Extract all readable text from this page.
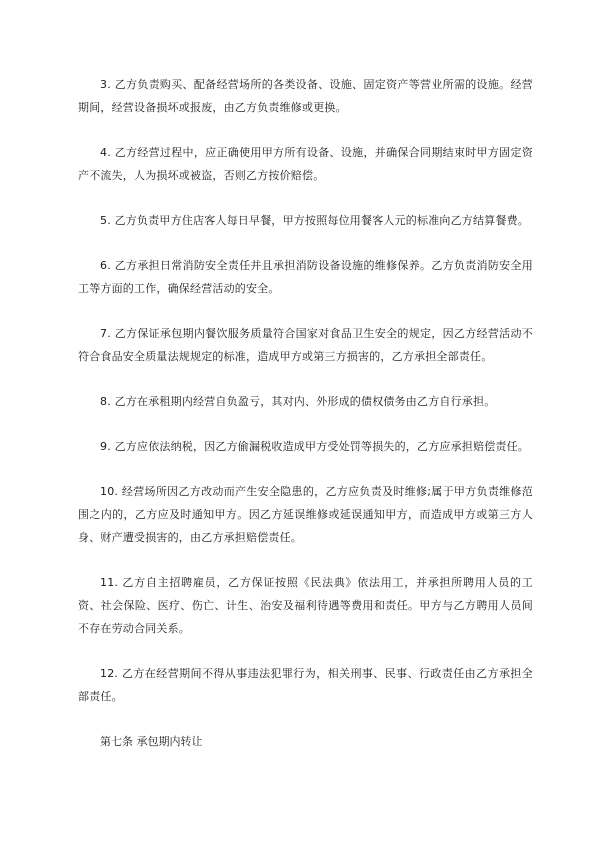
3. 乙方负责购买、配备经营场所的各类设备、设施、固定资产等营业所需的设施。经营期间，经营设备损坏或报废，由乙方负责维修或更换。

4. 乙方经营过程中，应正确使用甲方所有设备、设施，并确保合同期结束时甲方固定资产不流失，人为损坏或被盗，否则乙方按价赔偿。

5. 乙方负责甲方住店客人每日早餐，甲方按照每位用餐客人元的标准向乙方结算餐费。

6. 乙方承担日常消防安全责任并且承担消防设备设施的维修保养。乙方负责消防安全用工等方面的工作，确保经营活动的安全。

7. 乙方保证承包期内餐饮服务质量符合国家对食品卫生安全的规定，因乙方经营活动不符合食品安全质量法规规定的标准，造成甲方或第三方损害的，乙方承担全部责任。

8. 乙方在承租期内经营自负盈亏，其对内、外形成的债权债务由乙方自行承担。

9. 乙方应依法纳税，因乙方偷漏税收造成甲方受处罚等损失的，乙方应承担赔偿责任。

10. 经营场所因乙方改动而产生安全隐患的，乙方应负责及时维修;属于甲方负责维修范围之内的，乙方应及时通知甲方。因乙方延误维修或延误通知甲方，而造成甲方或第三方人身、财产遭受损害的，由乙方承担赔偿责任。

11. 乙方自主招聘雇员，乙方保证按照《民法典》依法用工，并承担所聘用人员的工资、社会保险、医疗、伤亡、计生、治安及福利待遇等费用和责任。甲方与乙方聘用人员间不存在劳动合同关系。

12. 乙方在经营期间不得从事违法犯罪行为，相关刑事、民事、行政责任由乙方承担全部责任。

第七条 承包期内转让
